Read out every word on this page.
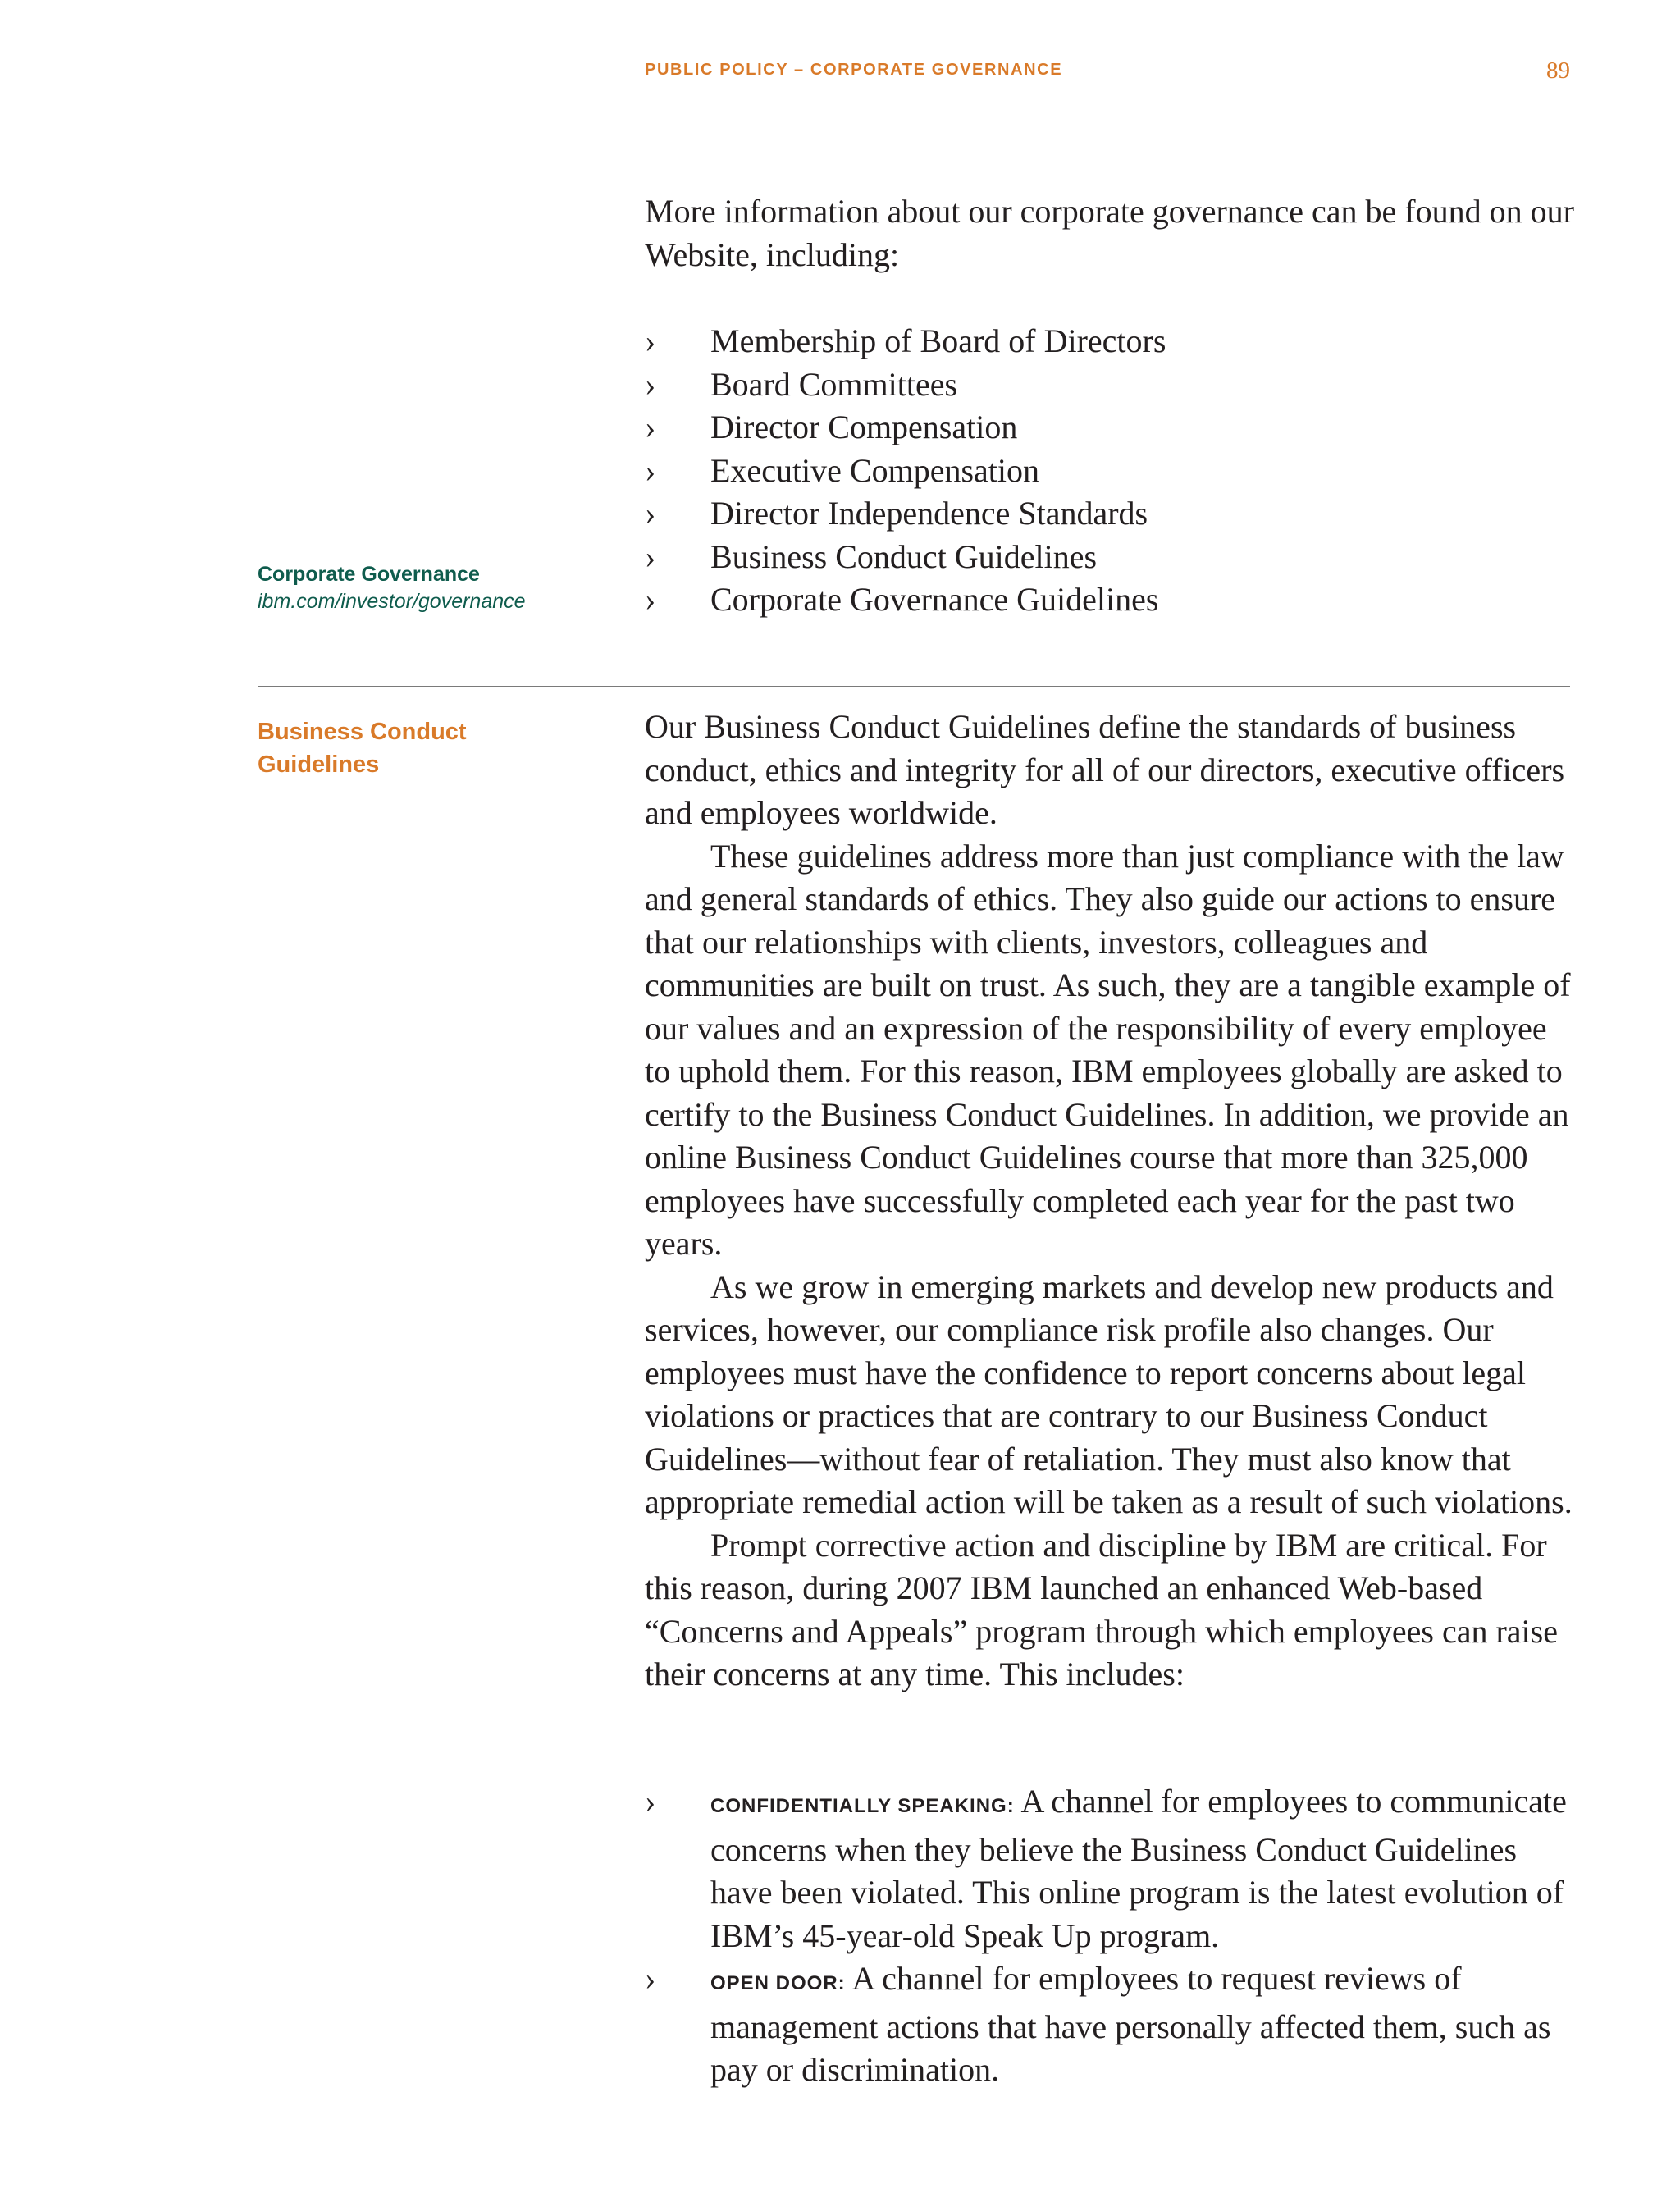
PUBLIC POLICY – CORPORATE GOVERNANCE	89

More information about our corporate governance can be found on our Website, including:

› Membership of Board of Directors
› Board Committees
› Director Compensation
› Executive Compensation
› Director Independence Standards
› Business Conduct Guidelines
› Corporate Governance Guidelines
Corporate Governance
ibm.com/investor/governance
Business Conduct Guidelines

Our Business Conduct Guidelines define the standards of business conduct, ethics and integrity for all of our directors, executive officers and employees worldwide.

These guidelines address more than just compliance with the law and general standards of ethics. They also guide our actions to ensure that our relationships with clients, investors, colleagues and communities are built on trust. As such, they are a tangible example of our values and an expression of the responsibility of every employee to uphold them. For this reason, IBM employees globally are asked to certify to the Business Conduct Guidelines. In addition, we provide an online Business Conduct Guidelines course that more than 325,000 employees have successfully completed each year for the past two years.

As we grow in emerging markets and develop new products and services, however, our compliance risk profile also changes. Our employees must have the confidence to report concerns about legal violations or practices that are contrary to our Business Conduct Guidelines—without fear of retaliation. They must also know that appropriate remedial action will be taken as a result of such violations.

Prompt corrective action and discipline by IBM are critical. For this reason, during 2007 IBM launched an enhanced Web-based “Concerns and Appeals” program through which employees can raise their concerns at any time. This includes:

›	CONFIDENTIALLY SPEAKING: A channel for employees to communicate concerns when they believe the Business Conduct Guidelines have been violated. This online program is the latest evolution of IBM’s 45-year-old Speak Up program.
›	OPEN DOOR: A channel for employees to request reviews of management actions that have personally affected them, such as pay or discrimination.
